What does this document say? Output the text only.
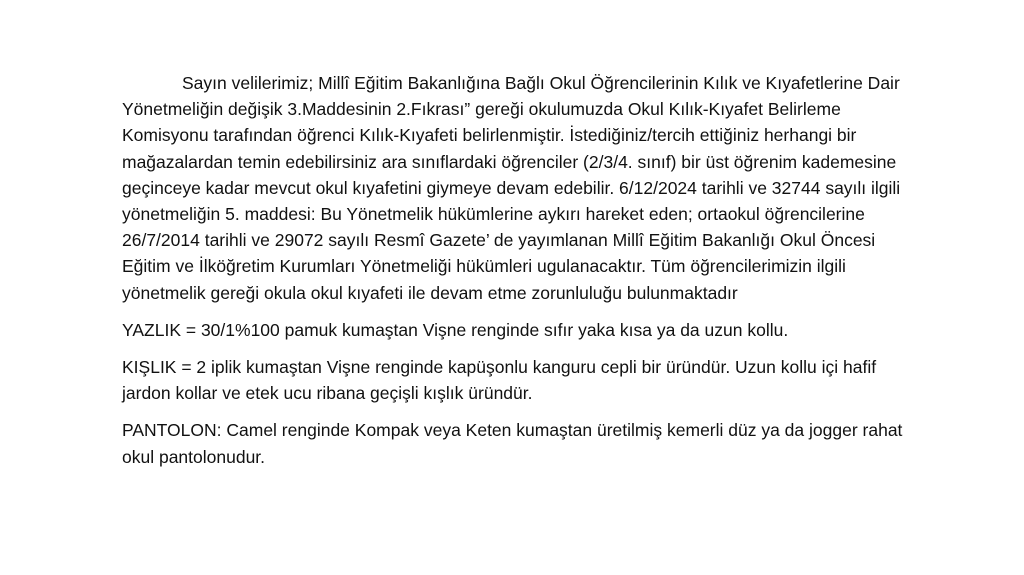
Sayın velilerimiz; Millî Eğitim Bakanlığına Bağlı Okul Öğrencilerinin Kılık ve Kıyafetlerine Dair Yönetmeliğin değişik 3.Maddesinin 2.Fıkrası” gereği okulumuzda Okul Kılık-Kıyafet Belirleme Komisyonu tarafından öğrenci Kılık-Kıyafeti belirlenmiştir. İstediğiniz/tercih ettiğiniz herhangi bir mağazalardan temin edebilirsiniz ara sınıflardaki öğrenciler (2/3/4. sınıf) bir üst öğrenim kademesine geçinceye kadar mevcut okul kıyafetini giymeye devam edebilir. 6/12/2024 tarihli ve 32744 sayılı ilgili yönetmeliğin 5. maddesi: Bu Yönetmelik hükümlerine aykırı hareket eden; ortaokul öğrencilerine 26/7/2014 tarihli ve 29072 sayılı Resmî Gazete’ de yayımlanan Millî Eğitim Bakanlığı Okul Öncesi Eğitim ve İlköğretim Kurumları Yönetmeliği hükümleri ugulanacaktır. Tüm öğrencilerimizin ilgili yönetmelik gereği okula okul kıyafeti ile devam etme zorunluluğu bulunmaktadır

YAZLIK = 30/1%100 pamuk kumaştan Vişne renginde sıfır yaka kısa ya da uzun kollu.

KIŞLIK = 2 iplik kumaştan Vişne renginde kapüşonlu kanguru cepli bir üründür. Uzun kollu içi hafif jardon kollar ve etek ucu ribana geçişli kışlık üründür.

PANTOLON: Camel renginde Kompak veya Keten kumaştan üretilmiş kemerli düz ya da jogger rahat okul pantolonudur.
